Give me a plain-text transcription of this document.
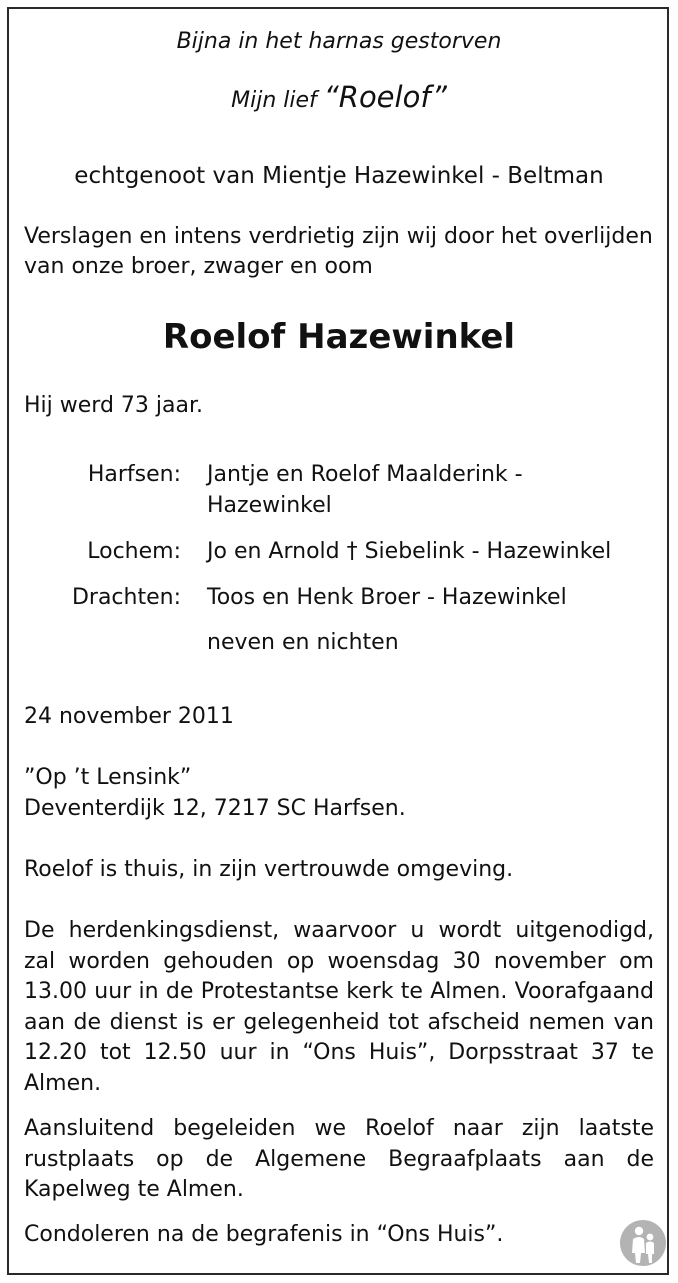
Bijna in het harnas gestorven
Mijn lief “Roelof”
echtgenoot van Mientje Hazewinkel - Beltman
Verslagen en intens verdrietig zijn wij door het overlijden
van onze broer, zwager en oom
Roelof Hazewinkel
Hij werd 73 jaar.
Harfsen: Jantje en Roelof Maalderink -
Hazewinkel
Lochem: Jo en Arnold † Siebelink - Hazewinkel
Drachten: Toos en Henk Broer - Hazewinkel
neven en nichten
24 november 2011
”Op ’t Lensink”
Deventerdijk 12, 7217 SC Harfsen.
Roelof is thuis, in zijn vertrouwde omgeving.
De herdenkingsdienst, waarvoor u wordt uitgenodigd, zal worden gehouden op woensdag 30 november om 13.00 uur in de Protestantse kerk te Almen. Voorafgaand aan de dienst is er gelegenheid tot afscheid nemen van 12.20 tot 12.50 uur in “Ons Huis”, Dorpsstraat 37 te Almen.
Aansluitend begeleiden we Roelof naar zijn laatste rustplaats op de Algemene Begraafplaats aan de Kapelweg te Almen.
Condoleren na de begrafenis in “Ons Huis”.
